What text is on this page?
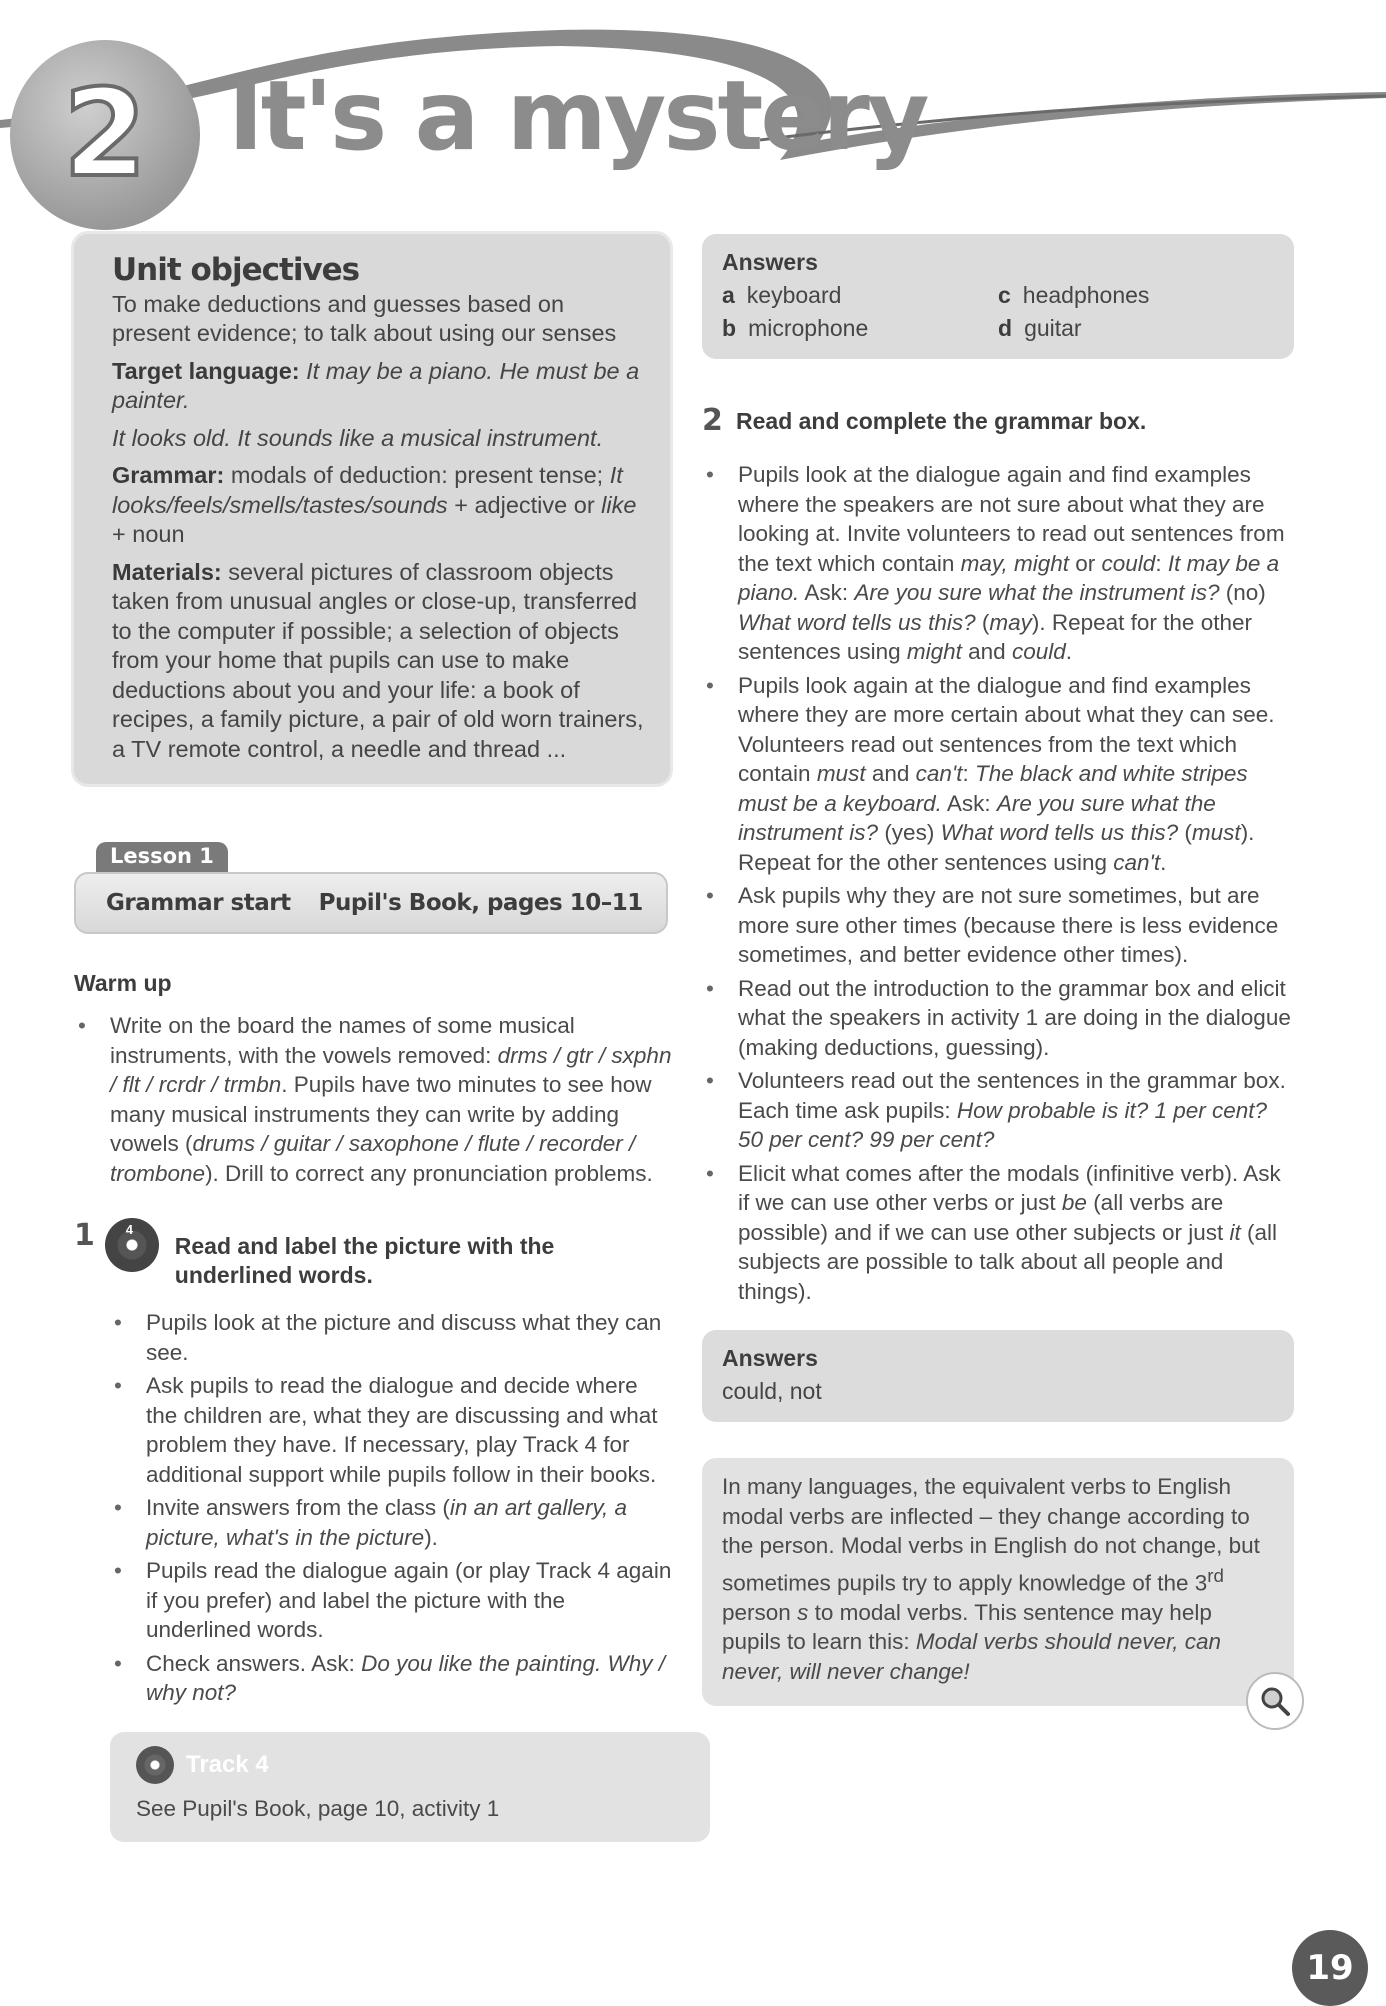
2 It's a mystery
Unit objectives

To make deductions and guesses based on present evidence; to talk about using our senses

Target language: It may be a piano. He must be a painter.

It looks old. It sounds like a musical instrument.

Grammar: modals of deduction: present tense; It looks/feels/smells/tastes/sounds + adjective or like + noun

Materials: several pictures of classroom objects taken from unusual angles or close-up, transferred to the computer if possible; a selection of objects from your home that pupils can use to make deductions about you and your life: a book of recipes, a family picture, a pair of old worn trainers, a TV remote control, a needle and thread ...

Lesson 1
Grammar start Pupil's Book, pages 10–11
Warm up
• Write on the board the names of some musical instruments, with the vowels removed: drms / gtr / sxphn / flt / rcrdr / trmbn. Pupils have two minutes to see how many musical instruments they can write by adding vowels (drums / guitar / saxophone / flute / recorder / trombone). Drill to correct any pronunciation problems.
1	4
Read and label the picture with the underlined words.
• Pupils look at the picture and discuss what they can see.
• Ask pupils to read the dialogue and decide where the children are, what they are discussing and what problem they have. If necessary, play Track 4 for additional support while pupils follow in their books.
• Invite answers from the class (in an art gallery, a picture, what's in the picture).
• Pupils read the dialogue again (or play Track 4 again if you prefer) and label the picture with the underlined words.
• Check answers. Ask: Do you like the painting. Why / why not?
Track 4
See Pupil's Book, page 10, activity 1
Answers
a keyboard	c headphones
b microphone	d guitar
2 Read and complete the grammar box.
• Pupils look at the dialogue again and find examples where the speakers are not sure about what they are looking at. Invite volunteers to read out sentences from the text which contain may, might or could: It may be a piano. Ask: Are you sure what the instrument is? (no) What word tells us this? (may). Repeat for the other sentences using might and could.
• Pupils look again at the dialogue and find examples where they are more certain about what they can see. Volunteers read out sentences from the text which contain must and can't: The black and white stripes must be a keyboard. Ask: Are you sure what the instrument is? (yes) What word tells us this? (must). Repeat for the other sentences using can't.
• Ask pupils why they are not sure sometimes, but are more sure other times (because there is less evidence sometimes, and better evidence other times).
• Read out the introduction to the grammar box and elicit what the speakers in activity 1 are doing in the dialogue (making deductions, guessing).
• Volunteers read out the sentences in the grammar box. Each time ask pupils: How probable is it? 1 per cent? 50 per cent? 99 per cent?
• Elicit what comes after the modals (infinitive verb). Ask if we can use other verbs or just be (all verbs are possible) and if we can use other subjects or just it (all subjects are possible to talk about all people and things).
Answers
could, not
In many languages, the equivalent verbs to English modal verbs are inflected – they change according to the person. Modal verbs in English do not change, but sometimes pupils try to apply knowledge of the 3rd person s to modal verbs. This sentence may help pupils to learn this: Modal verbs should never, can never, will never change!
19
